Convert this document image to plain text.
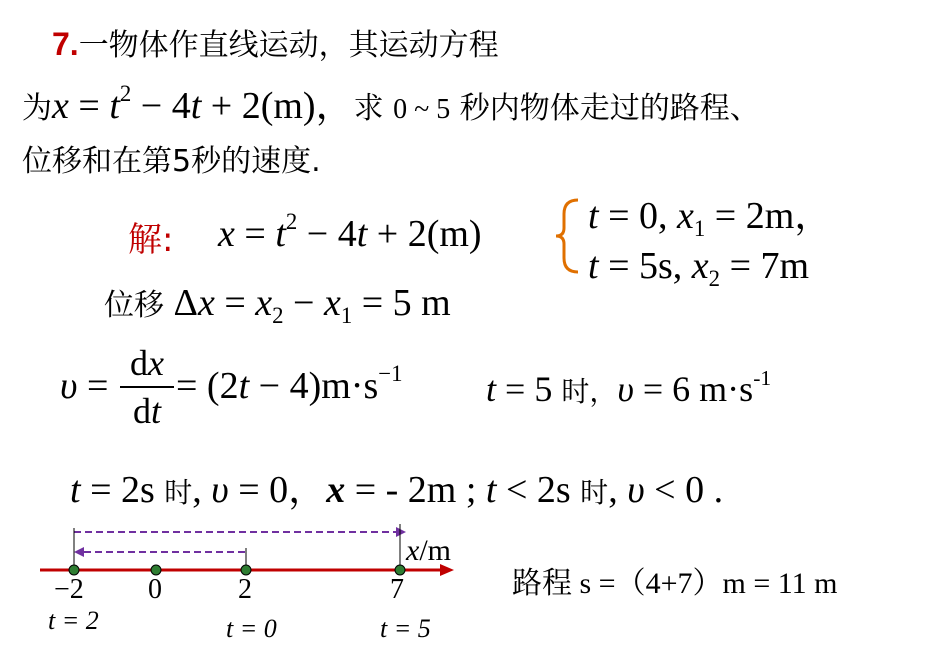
7.一物体作直线运动，其运动方程
为$x = t^2 - 4t + 2(m)$，求 0 ~ 5 秒内物体走过的路程、
位移和在第5秒的速度.
解: $x = t^2 - 4t + 2(m)$	t = 0, $x_1 = 2m$，
t = 5s, $x_2 = 7m$
位移 $\Delta x = x_2 - x_1 = 5$ m
υ =
dx
dt
= $(2t - 4)m\cdot s^{-1}$ t = 5 时，υ = 6 $m\cdot s^{-1}$
t = 2s 时, υ = 0，x = - 2m ; t < 2s 时, υ < 0 .
x/m
−2 0	2	7
t = 2	t = 0	t = 5
路程 s =（4+7）m = 11 m
